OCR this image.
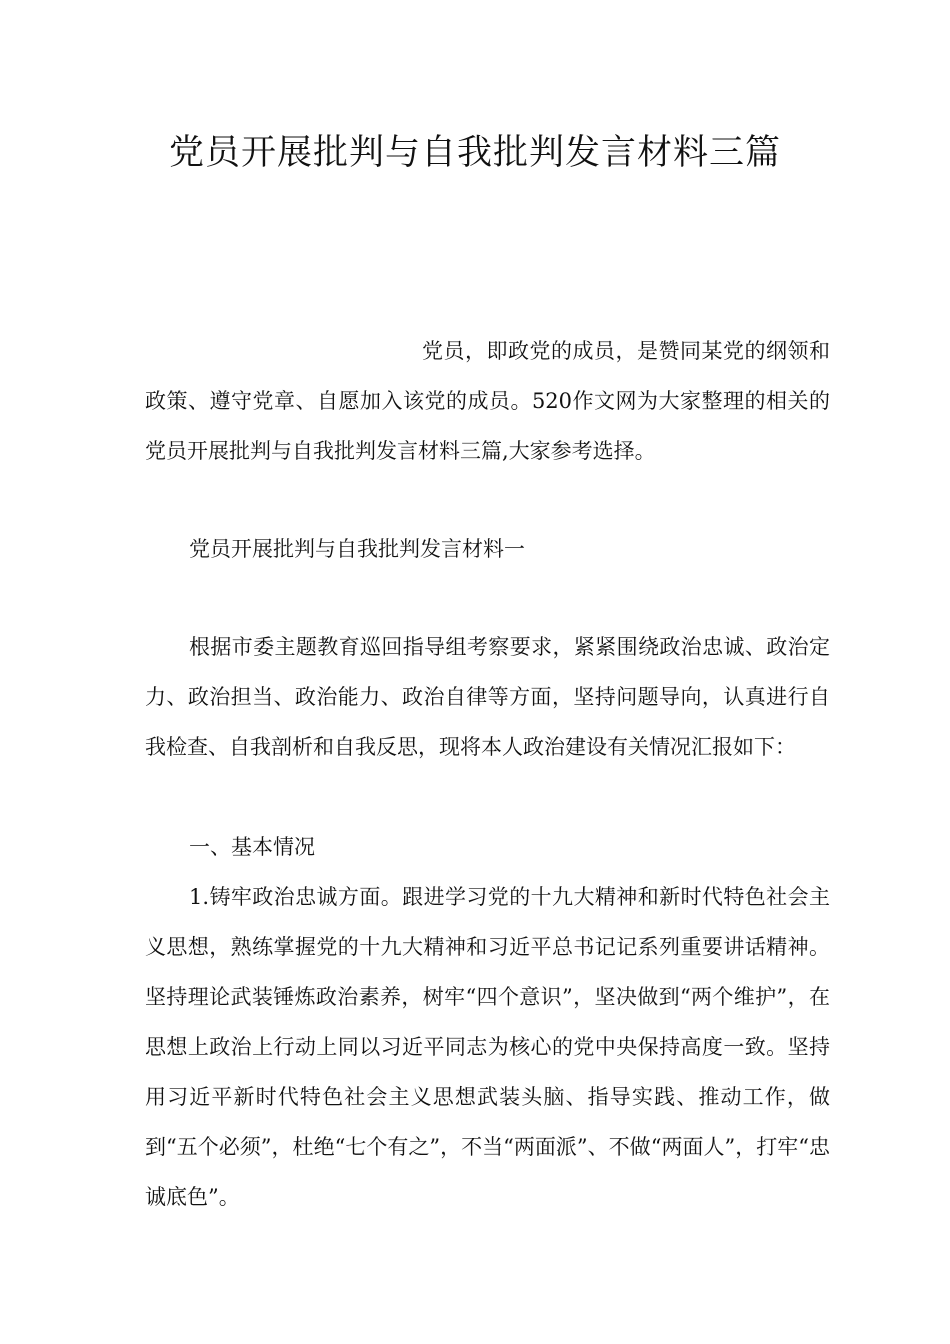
党员开展批判与自我批判发言材料三篇

党员，即政党的成员，是赞同某党的纲领和政策、遵守党章、自愿加入该党的成员。520作文网为大家整理的相关的党员开展批判与自我批判发言材料三篇,大家参考选择。

党员开展批判与自我批判发言材料一

根据市委主题教育巡回指导组考察要求，紧紧围绕政治忠诚、政治定力、政治担当、政治能力、政治自律等方面，坚持问题导向，认真进行自我检查、自我剖析和自我反思，现将本人政治建设有关情况汇报如下：

一、基本情况

1.铸牢政治忠诚方面。跟进学习党的十九大精神和新时代特色社会主义思想，熟练掌握党的十九大精神和习近平总书记记系列重要讲话精神。坚持理论武装锤炼政治素养，树牢“四个意识”，坚决做到“两个维护”，在思想上政治上行动上同以习近平同志为核心的党中央保持高度一致。坚持用习近平新时代特色社会主义思想武装头脑、指导实践、推动工作，做到“五个必须”，杜绝“七个有之”，不当“两面派”、不做“两面人”，打牢“忠诚底色”。
